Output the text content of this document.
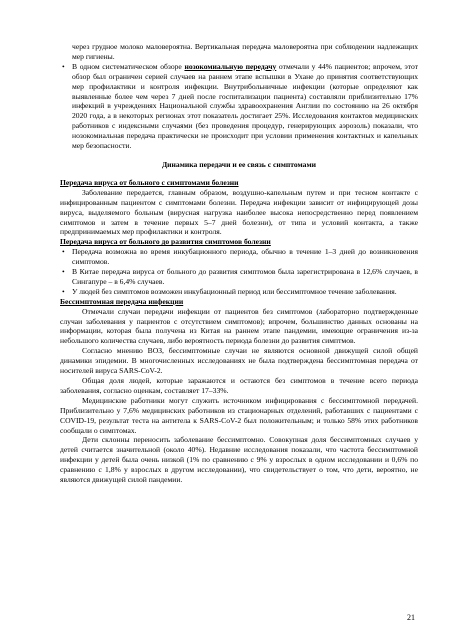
через грудное молоко маловероятна. Вертикальная передача маловероятна при соблюдении надлежащих мер гигиены.

• В одном систематическом обзоре нозокомиальную передачу отмечали у 44% пациентов; впрочем, этот обзор был ограничен серией случаев на раннем этапе вспышки в Ухане до принятия соответствующих мер профилактики и контроля инфекции. Внутрибольничные инфекции (которые определяют как выявленные более чем через 7 дней после госпитализации пациента) составляли приблизительно 17% инфекций в учреждениях Национальной службы здравоохранения Англии по состоянию на 26 октября 2020 года, а в некоторых регионах этот показатель достигает 25%. Исследования контактов медицинских работников с индексными случаями (без проведения процедур, генерирующих аэрозоль) показали, что нозокомиальная передача практически не происходит при условии применения контактных и капельных мер безопасности.

Динамика передачи и ее связь с симптомами

Передача вируса от больного с симптомами болезни

Заболевание передается, главным образом, воздушно-капельным путем и при тесном контакте с инфицированным пациентом с симптомами болезни. Передача инфекции зависит от инфицирующей дозы вируса, выделяемого больным (вирусная нагрузка наиболее высока непосредственно перед появлением симптомов и затем в течение первых 5–7 дней болезни), от типа и условий контакта, а также предпринимаемых мер профилактики и контроля.

Передача вируса от больного до развития симптомов болезни

• Передача возможна во время инкубационного периода, обычно в течение 1–3 дней до возникновения симптомов.

• В Китае передача вируса от больного до развития симптомов была зарегистрирована в 12,6% случаев, в Сингапуре – в 6,4% случаев.

• У людей без симптомов возможен инкубационный период или бессимптомное течение заболевания.

Бессимптомная передача инфекции

Отмечали случаи передачи инфекции от пациентов без симптомов (лабораторно подтвержденные случаи заболевания у пациентов с отсутствием симптомов); впрочем, большинство данных основаны на информации, которая была получена из Китая на раннем этапе пандемии, имеющие ограничения из-за небольшого количества случаев, либо вероятность периода болезни до развития симптмов.

Согласно мнению ВОЗ, бессимптомные случаи не являются основной движущей силой общей динамики эпидемии. В многочисленных исследованиях не была подтверждена бессимптомная передача от носителей вируса SARS-CoV-2.

Общая доля людей, которые заражаются и остаются без симптомов в течение всего периода заболевания, согласно оценкам, составляет 17–33%.

Медицинские работники могут служить источником инфицирования с бессимптомной передачей. Приблизительно у 7,6% медицинских работников из стационарных отделений, работавших с пациентами с COVID-19, результат теста на антитела к SARS-CoV-2 был положительным; и только 58% этих работников сообщали о симптомах.

Дети склонны переносить заболевание бессимптомно. Совокупная доля бессимптомных случаев у детей считается значительной (около 40%). Недавние исследования показали, что частота бессимптомной инфекции у детей была очень низкой (1% по сравнению с 9% у взрослых в одном исследовании и 0,6% по сравнению с 1,8% у взрослых в другом исследовании), что свидетельствует о том, что дети, вероятно, не являются движущей силой пандемии.

21
